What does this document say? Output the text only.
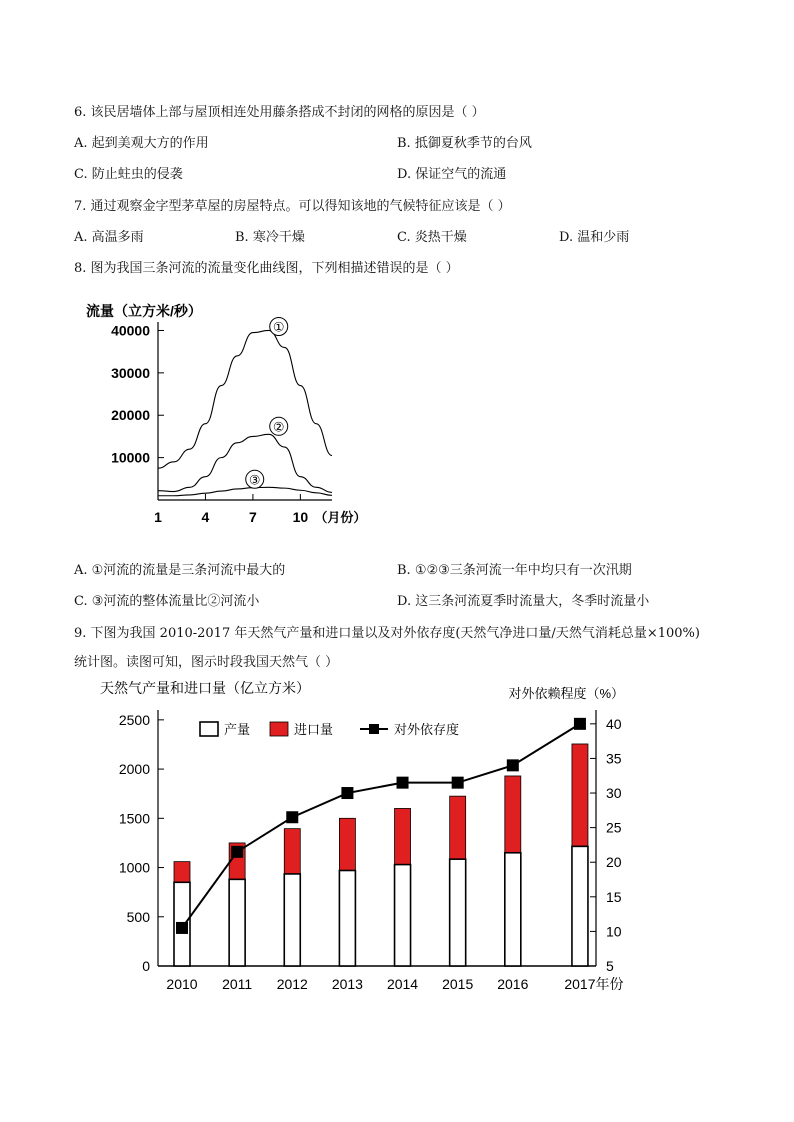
6. 该民居墙体上部与屋顶相连处用藤条搭成不封闭的网格的原因是（ ）
A. 起到美观大方的作用	B. 抵御夏秋季节的台风
C. 防止蛀虫的侵袭	D. 保证空气的流通
7. 通过观察金字型茅草屋的房屋特点。可以得知该地的气候特征应该是（ ）
A. 高温多雨	B. 寒冷干燥	C. 炎热干燥	D. 温和少雨
8. 图为我国三条河流的流量变化曲线图，下列相描述错误的是（ ）
流量（立方米/秒）
10000
20000
30000
40000
1	4	7	10 （月份）
①
②
③
A. ①河流的流量是三条河流中最大的	B. ①②③三条河流一年中均只有一次汛期
C. ③河流的整体流量比②河流小	D. 这三条河流夏季时流量大，冬季时流量小
9. 下图为我国 2010-2017 年天然气产量和进口量以及对外依存度(天然气净进口量/天然气消耗总量×100%)
统计图。读图可知，图示时段我国天然气（ ）
天然气产量和进口量（亿立方米）	对外依赖程度（%）
0
500
1000
1500
2000
2500
5
10
15
20
25
30
35
40
2010 2011 2012 2013 2014 2015 2016	2017年份
产量	进口量	对外依存度
